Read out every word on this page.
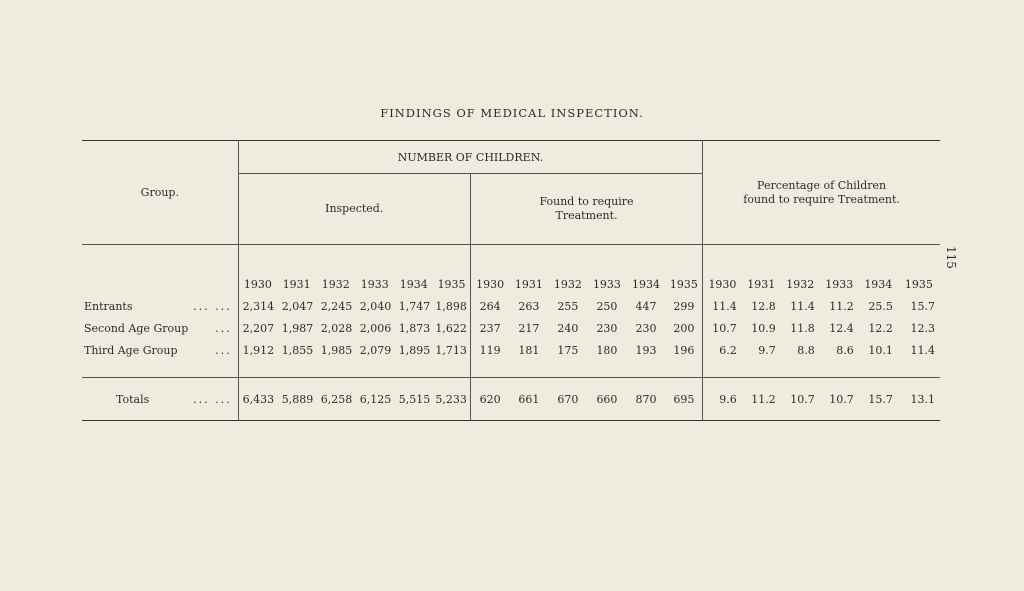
FINDINGS OF MEDICAL INSPECTION.
115
Group.	NUMBER OF CHILDREN.												Percentage of Children
found to require Treatment.					

	Inspected.						Found to require
Treatment.											

	1930	1931	1932	1933	1934	1935	1930	1931	1932	1933	1934	1935	1930	1931	1932	1933	1934	1935

Entrants ... ...	2,314	2,047	2,245	2,040	1,747	1,898	264	263	255	250	447	299	11.4	12.8	11.4	11.2	25.5	15.7

Second Age Group ...	2,207	1,987	2,028	2,006	1,873	1,622	237	217	240	230	230	200	10.7	10.9	11.8	12.4	12.2	12.3

Third Age Group ...	1,912	1,855	1,985	2,079	1,895	1,713	119	181	175	180	193	196	6.2	9.7	8.8	8.6	10.1	11.4

Totals ... ...	6,433	5,889	6,258	6,125	5,515	5,233	620	661	670	660	870	695	9.6	11.2	10.7	10.7	15.7	13.1
